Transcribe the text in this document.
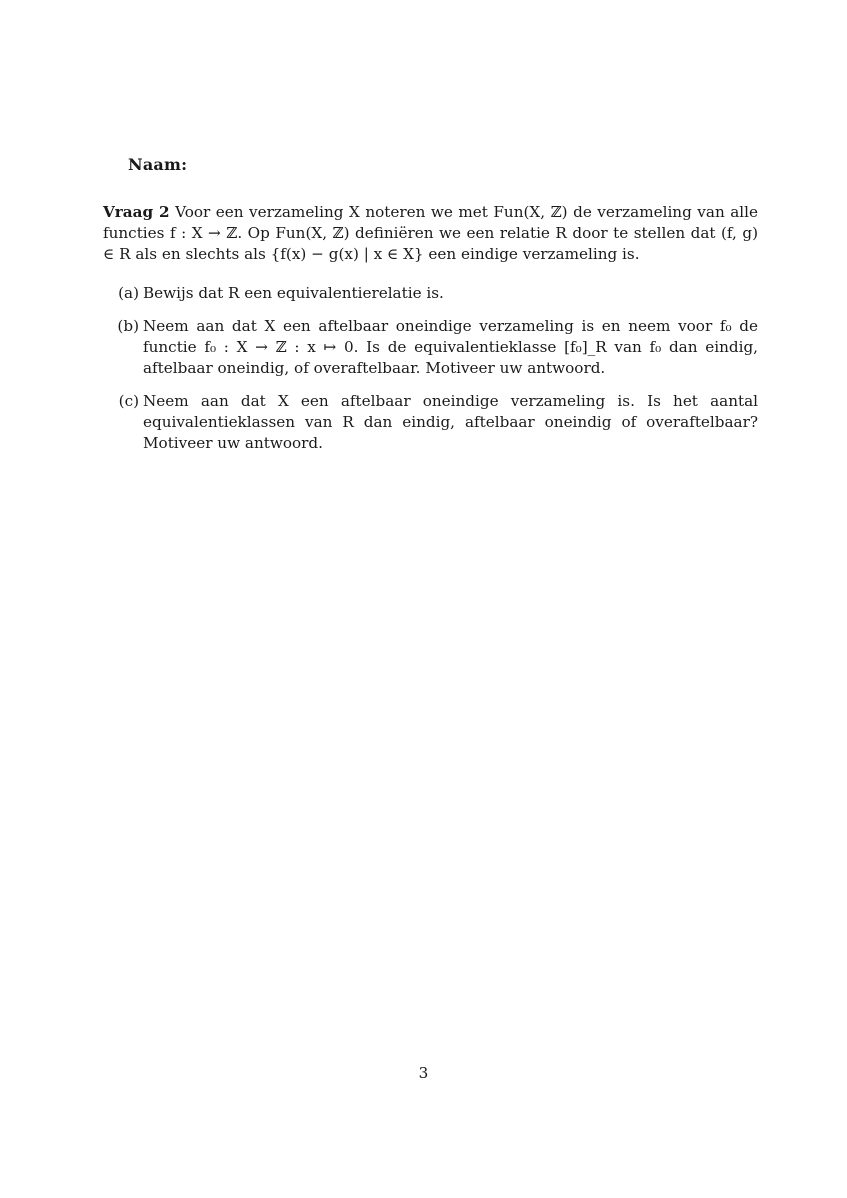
Naam:
Vraag 2 Voor een verzameling X noteren we met Fun(X, ℤ) de verzameling van alle functies f : X → ℤ. Op Fun(X, ℤ) definiëren we een relatie R door te stellen dat (f, g) ∈ R als en slechts als {f(x) − g(x) | x ∈ X} een eindige verzameling is.
(a) Bewijs dat R een equivalentierelatie is.
(b) Neem aan dat X een aftelbaar oneindige verzameling is en neem voor f₀ de functie f₀ : X → ℤ : x ↦ 0. Is de equivalentieklasse [f₀]_R van f₀ dan eindig, aftelbaar oneindig, of overaftelbaar. Motiveer uw antwoord.
(c) Neem aan dat X een aftelbaar oneindige verzameling is. Is het aantal equivalentieklassen van R dan eindig, aftelbaar oneindig of overaftelbaar? Motiveer uw antwoord.
3
